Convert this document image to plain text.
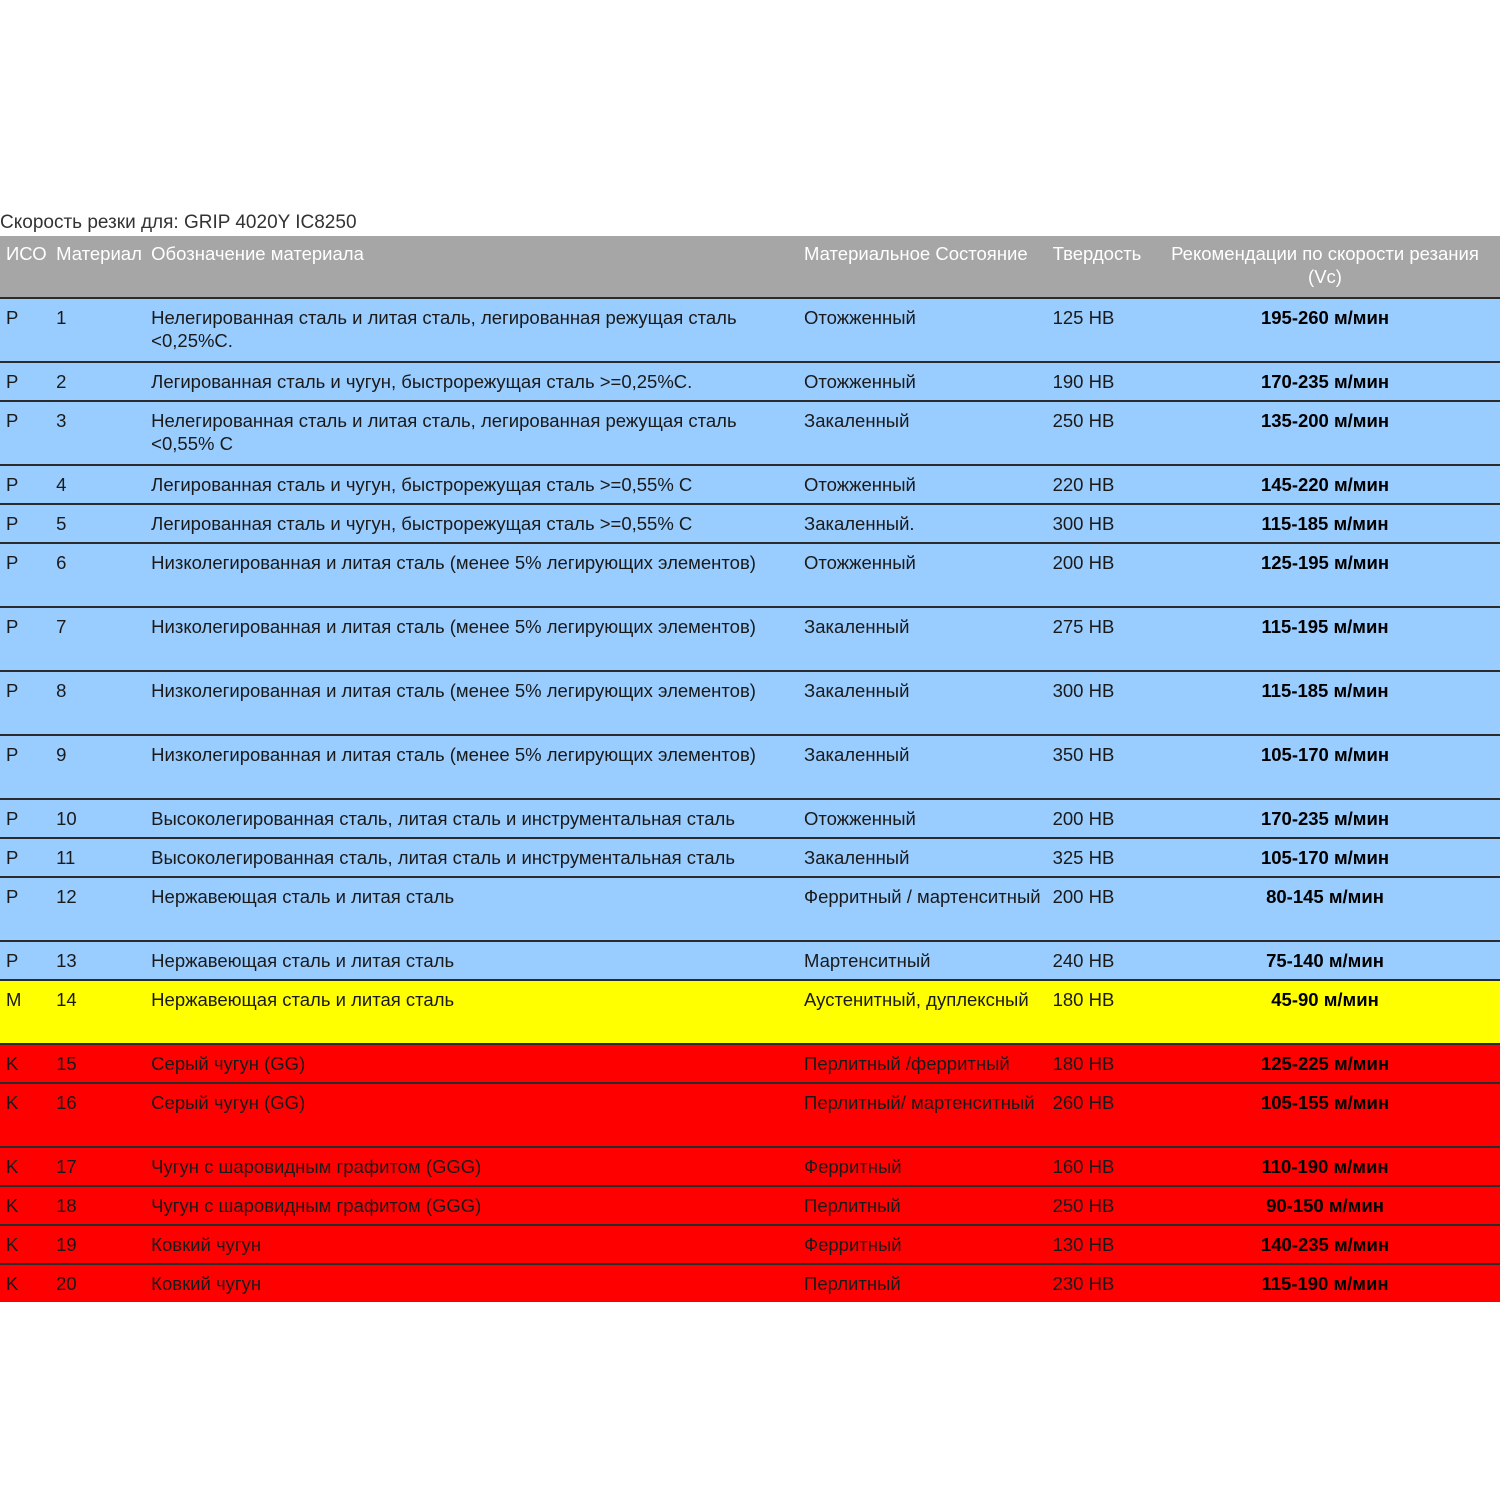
Скорость резки для: GRIP 4020Y IC8250
ИСО	Материал	Обозначение материала	Материальное Состояние	Твердость	Рекомендации по скорости резания (Vc)
P	1	Нелегированная сталь и литая сталь, легированная режущая сталь <0,25%C.	Отожженный	125 HB	195-260 м/мин
P	2	Легированная сталь и чугун, быстрорежущая сталь >=0,25%C.	Отожженный	190 HB	170-235 м/мин
P	3	Нелегированная сталь и литая сталь, легированная режущая сталь <0,55% C	Закаленный	250 HB	135-200 м/мин
P	4	Легированная сталь и чугун, быстрорежущая сталь >=0,55% C	Отожженный	220 HB	145-220 м/мин
P	5	Легированная сталь и чугун, быстрорежущая сталь >=0,55% C	Закаленный.	300 HB	115-185 м/мин
P	6	Низколегированная и литая сталь (менее 5% легирующих элементов)	Отожженный	200 HB	125-195 м/мин
P	7	Низколегированная и литая сталь (менее 5% легирующих элементов)	Закаленный	275 HB	115-195 м/мин
P	8	Низколегированная и литая сталь (менее 5% легирующих элементов)	Закаленный	300 HB	115-185 м/мин
P	9	Низколегированная и литая сталь (менее 5% легирующих элементов)	Закаленный	350 HB	105-170 м/мин
P	10	Высоколегированная сталь, литая сталь и инструментальная сталь	Отожженный	200 HB	170-235 м/мин
P	11	Высоколегированная сталь, литая сталь и инструментальная сталь	Закаленный	325 HB	105-170 м/мин
P	12	Нержавеющая сталь и литая сталь	Ферритный / мартенситный	200 HB	80-145 м/мин
P	13	Нержавеющая сталь и литая сталь	Мартенситный	240 HB	75-140 м/мин
M	14	Нержавеющая сталь и литая сталь	Аустенитный, дуплексный	180 HB	45-90 м/мин
K	15	Серый чугун (GG)	Перлитный /ферритный	180 HB	125-225 м/мин
K	16	Серый чугун (GG)	Перлитный/ мартенситный	260 HB	105-155 м/мин
K	17	Чугун с шаровидным графитом (GGG)	Ферритный	160 HB	110-190 м/мин
K	18	Чугун с шаровидным графитом (GGG)	Перлитный	250 HB	90-150 м/мин
K	19	Ковкий чугун	Ферритный	130 HB	140-235 м/мин
K	20	Ковкий чугун	Перлитный	230 HB	115-190 м/мин
